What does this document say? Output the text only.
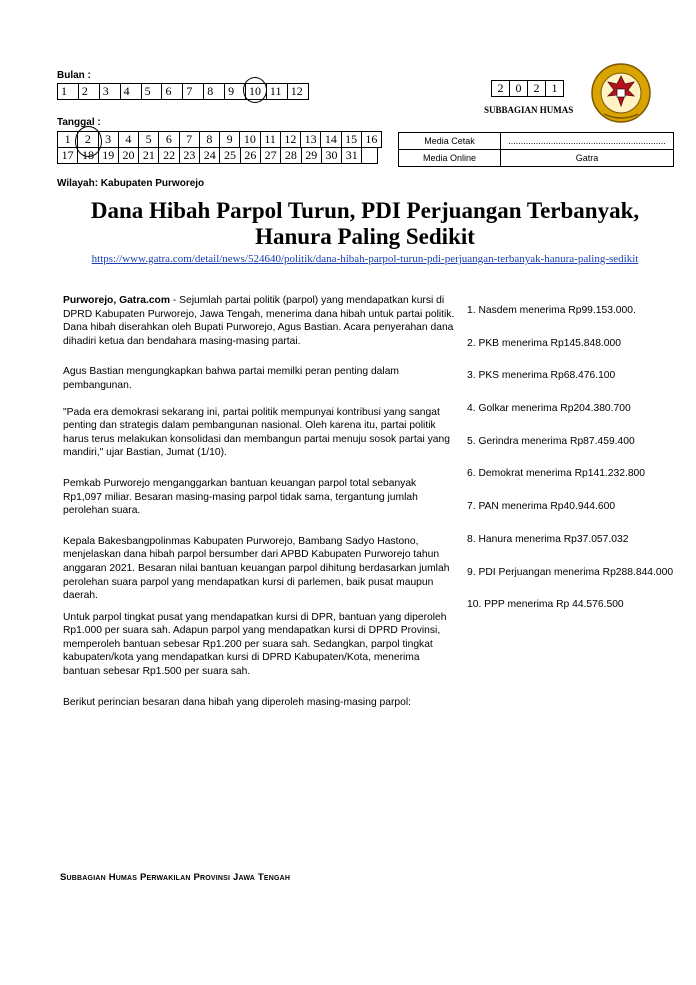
Bulan :
1	2	3	4	5	6	7	8	9	10 11 12	2	0	2	1
SUBBAGIAN HUMAS
Tanggal :
1	2	3	4	5	6	7	8	9 10 11 12 13 14 15 16
17 18 19 20 21 22 23 24 25 26 27 28 29 30 31
Media Cetak	...............................................................
Media Online	Gatra
Wilayah: Kabupaten Purworejo
Dana Hibah Parpol Turun, PDI Perjuangan Terbanyak, Hanura Paling Sedikit
https://www.gatra.com/detail/news/524640/politik/dana-hibah-parpol-turun-pdi-perjuangan-terbanyak-hanura-paling-sedikit

Purworejo, Gatra.com - Sejumlah partai politik (parpol) yang mendapatkan kursi di DPRD Kabupaten Purworejo, Jawa Tengah, menerima dana hibah untuk partai politik. Dana hibah diserahkan oleh Bupati Purworejo, Agus Bastian. Acara penyerahan dana dihadiri ketua dan bendahara masing-masing partai.

Agus Bastian mengungkapkan bahwa partai memilki peran penting dalam pembangunan.

"Pada era demokrasi sekarang ini, partai politik mempunyai kontribusi yang sangat penting dan strategis dalam pembangunan nasional. Oleh karena itu, partai politik harus terus melakukan konsolidasi dan membangun partai menuju sosok partai yang mandiri," ujar Bastian, Jumat (1/10).

Pemkab Purworejo menganggarkan bantuan keuangan parpol total sebanyak Rp1,097 miliar. Besaran masing-masing parpol tidak sama, tergantung jumlah perolehan suara.

Kepala Bakesbangpolinmas Kabupaten Purworejo, Bambang Sadyo Hastono, menjelaskan dana hibah parpol bersumber dari APBD Kabupaten Purworejo tahun anggaran 2021. Besaran nilai bantuan keuangan parpol dihitung berdasarkan jumlah perolehan suara parpol yang mendapatkan kursi di parlemen, baik pusat maupun daerah.

Untuk parpol tingkat pusat yang mendapatkan kursi di DPR, bantuan yang diperoleh Rp1.000 per suara sah. Adapun parpol yang mendapatkan kursi di DPRD Provinsi, memperoleh bantuan sebesar Rp1.200 per suara sah. Sedangkan, parpol tingkat kabupaten/kota yang mendapatkan kursi di DPRD Kabupaten/Kota, menerima bantuan sebesar Rp1.500 per suara sah.

Berikut perincian besaran dana hibah yang diperoleh masing-masing parpol:

1. Nasdem menerima Rp99.153.000.
2. PKB menerima Rp145.848.000
3. PKS menerima Rp68.476.100
4. Golkar menerima Rp204.380.700
5. Gerindra menerima Rp87.459.400
6. Demokrat menerima Rp141.232.800
7. PAN menerima Rp40.944.600
8. Hanura menerima Rp37.057.032
9. PDI Perjuangan menerima Rp288.844.000
10. PPP menerima Rp 44.576.500
Subbagian Humas Perwakilan Provinsi Jawa Tengah
